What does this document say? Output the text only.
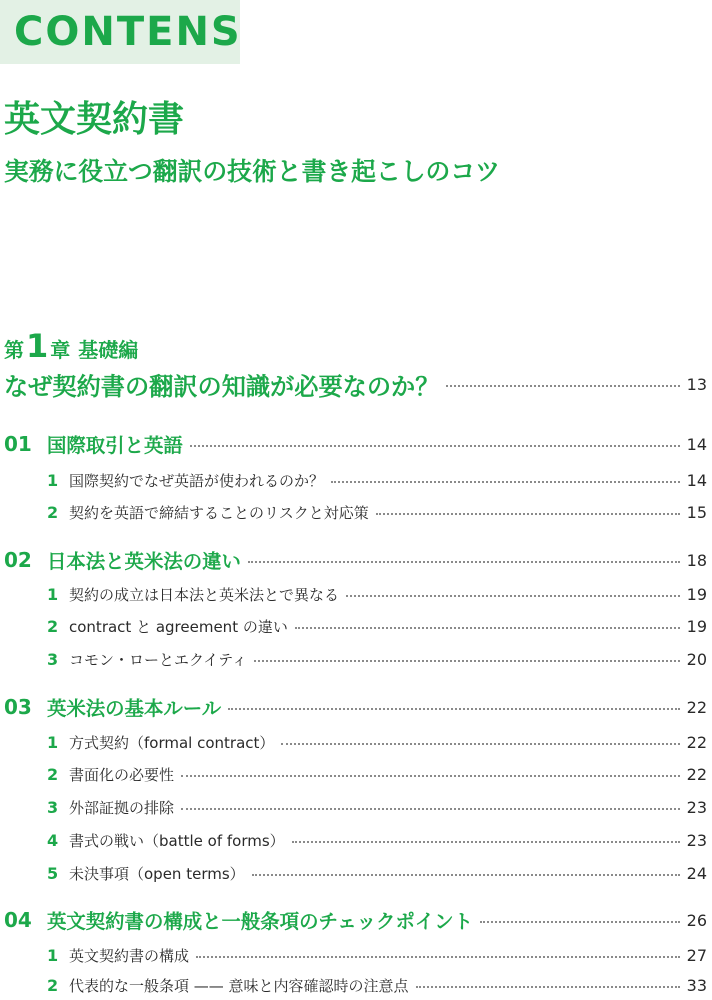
CONTENS
英文契約書
実務に役立つ翻訳の技術と書き起こしのコツ
第1 章 基礎編
なぜ契約書の翻訳の知識が必要なのか？	13
01 国際取引と英語	14
1 国際契約でなぜ英語が使われるのか？	14
2 契約を英語で締結することのリスクと対応策	15
02 日本法と英米法の違い	18
1 契約の成立は日本法と英米法とで異なる	19
2 contract と agreement の違い	19
3 コモン・ローとエクイティ	20
03 英米法の基本ルール	22
1 方式契約（formal contract）	22
2 書面化の必要性	22
3 外部証拠の排除	23
4 書式の戦い（battle of forms）	23
5 未決事項（open terms）	24
04 英文契約書の構成と一般条項のチェックポイント	26
1 英文契約書の構成	27
2 代表的な一般条項 —— 意味と内容確認時の注意点	33
